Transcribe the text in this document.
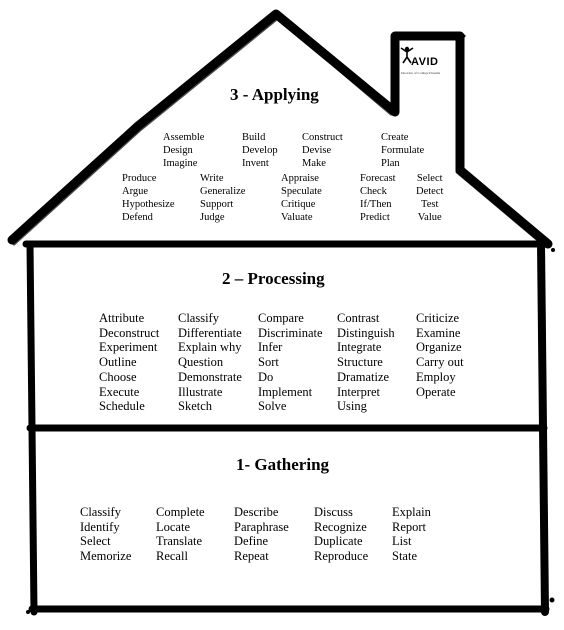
AVID
Decades of College Dreams
3 - Applying
Assemble
Design
Imagine
Build
Develop
Invent
Construct
Devise
Make
Create
Formulate
Plan
Produce
Argue
Hypothesize
Defend
Write
Generalize
Support
Judge
Appraise
Speculate
Critique
Valuate
Forecast
Check
If/Then
Predict
Select
Detect
Test
Value
2 – Processing
Attribute
Deconstruct
Experiment
Outline
Choose
Execute
Schedule
Classify
Differentiate
Explain why
Question
Demonstrate
Illustrate
Sketch
Compare
Discriminate
Infer
Sort
Do
Implement
Solve
Contrast
Distinguish
Integrate
Structure
Dramatize
Interpret
Using
Criticize
Examine
Organize
Carry out
Employ
Operate
1- Gathering
Classify
Identify
Select
Memorize
Complete
Locate
Translate
Recall
Describe
Paraphrase
Define
Repeat
Discuss
Recognize
Duplicate
Reproduce
Explain
Report
List
State
